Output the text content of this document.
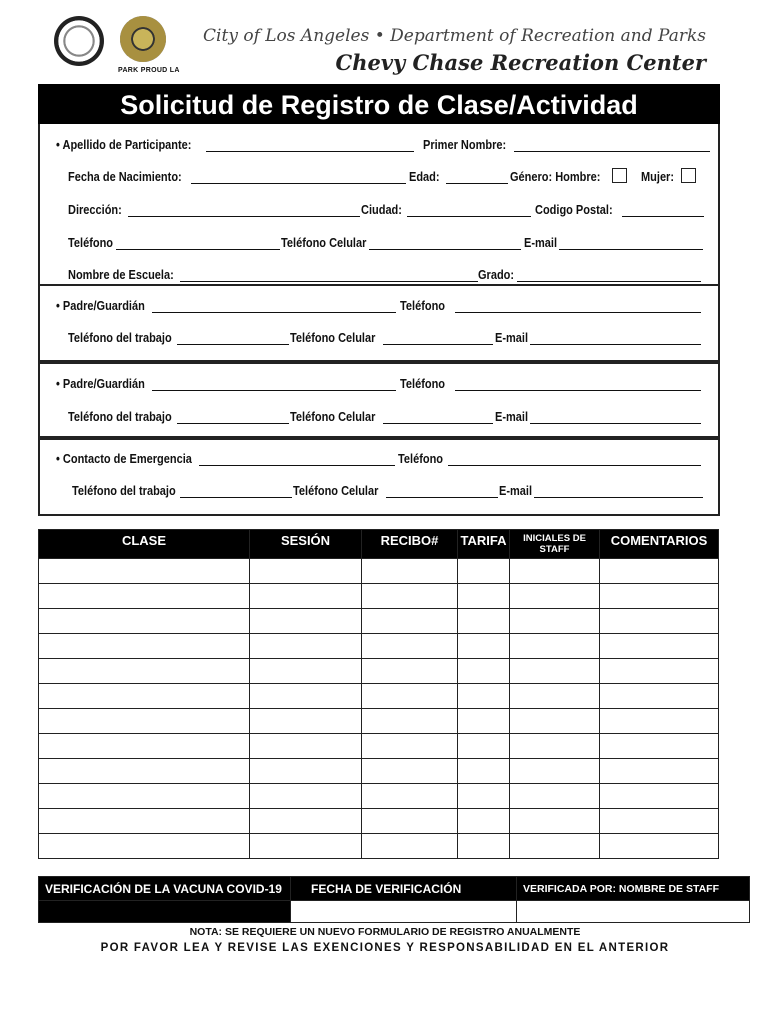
PARK PROUD LA
City of Los Angeles • Department of Recreation and Parks
Chevy Chase Recreation Center
Solicitud de Registro de Clase/Actividad
• Apellido de Participante:	Primer Nombre:
Fecha de Nacimiento:	Edad:	Género: Hombre:	Mujer:
Dirección:	Ciudad:	Codigo Postal:
Teléfono	Teléfono Celular	E-mail
Nombre de Escuela:	Grado:
• Padre/Guardián	Teléfono
Teléfono del trabajo	Teléfono Celular	E-mail
• Padre/Guardián	Teléfono
Teléfono del trabajo	Teléfono Celular	E-mail
• Contacto de Emergencia	Teléfono
Teléfono del trabajo	Teléfono Celular	E-mail
CLASE	SESIÓN	RECIBO#	TARIFA	INICIALES DE STAFF	COMENTARIOS

VERIFICACIÓN DE LA VACUNA COVID-19	FECHA DE VERIFICACIÓN	VERIFICADA POR: NOMBRE DE STAFF

NOTA: SE REQUIERE UN NUEVO FORMULARIO DE REGISTRO ANUALMENTE
POR FAVOR LEA Y REVISE LAS EXENCIONES Y RESPONSABILIDAD EN EL ANTERIOR
